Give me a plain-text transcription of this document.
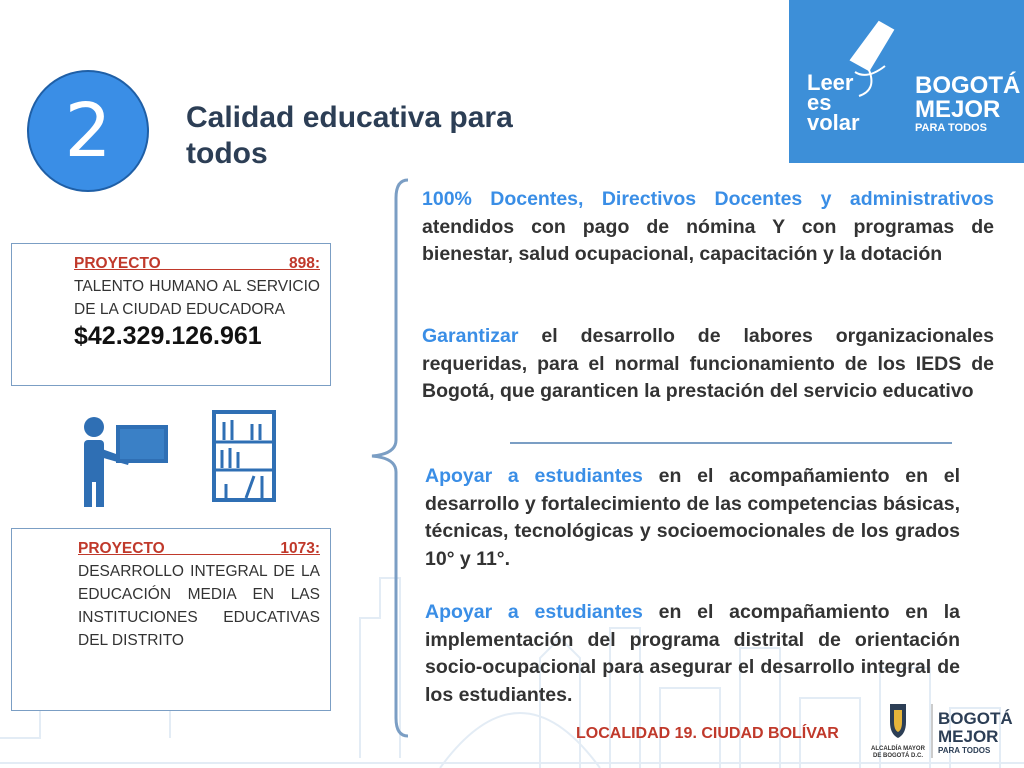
2 Calidad educativa para
todos
Leer
es
volar
BOGOTÁ
MEJOR
PARA TODOS
PROYECTO 898:
TALENTO HUMANO AL SERVICIO DE LA CIUDAD EDUCADORA
$42.329.126.961
PROYECTO 1073:
DESARROLLO INTEGRAL DE LA EDUCACIÓN MEDIA EN LAS INSTITUCIONES EDUCATIVAS DEL DISTRITO
100% Docentes, Directivos Docentes y administrativos atendidos con pago de nómina Y con programas de bienestar, salud ocupacional, capacitación y la dotación
Garantizar el desarrollo de labores organizacionales requeridas, para el normal funcionamiento de los IEDS de Bogotá, que garanticen la prestación del servicio educativo
Apoyar a estudiantes en el acompañamiento en el desarrollo y fortalecimiento de las competencias básicas, técnicas, tecnológicas y socioemocionales de los grados 10° y 11°.
Apoyar a estudiantes en el acompañamiento en la implementación del programa distrital de orientación socio-ocupacional para asegurar el desarrollo integral de los estudiantes.
LOCALIDAD 19. CIUDAD BOLÍVAR
ALCALDÍA MAYOR
DE BOGOTÁ D.C.
BOGOTÁ
MEJOR
PARA TODOS
